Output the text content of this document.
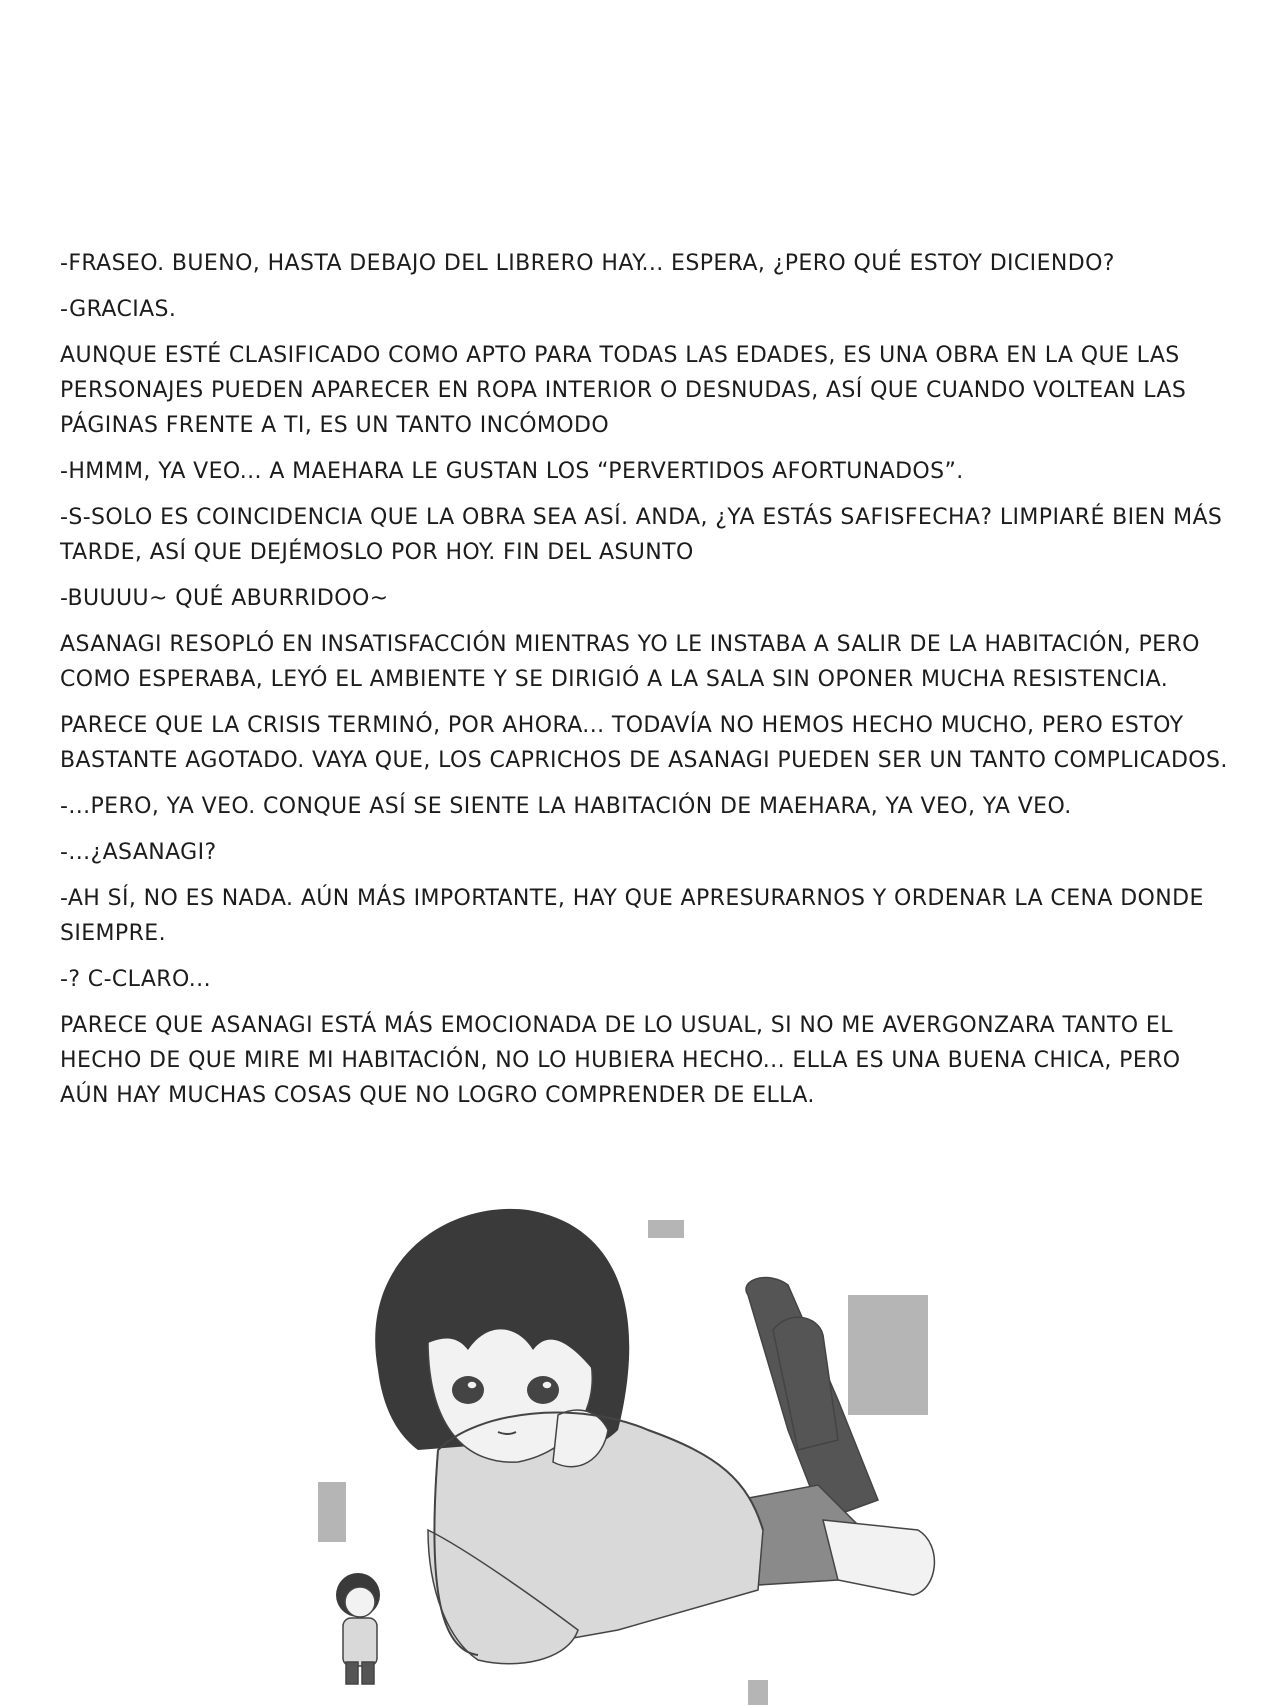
-FRASEO. BUENO, HASTA DEBAJO DEL LIBRERO HAY... ESPERA, ¿PERO QUÉ ESTOY DICIENDO?

-GRACIAS.

AUNQUE ESTÉ CLASIFICADO COMO APTO PARA TODAS LAS EDADES, ES UNA OBRA EN LA QUE LAS PERSONAJES PUEDEN APARECER EN ROPA INTERIOR O DESNUDAS, ASÍ QUE CUANDO VOLTEAN LAS PÁGINAS FRENTE A TI, ES UN TANTO INCÓMODO

-HMMM, YA VEO... A MAEHARA LE GUSTAN LOS “PERVERTIDOS AFORTUNADOS”.

-S-SOLO ES COINCIDENCIA QUE LA OBRA SEA ASÍ. ANDA, ¿YA ESTÁS SAFISFECHA? LIMPIARÉ BIEN MÁS TARDE, ASÍ QUE DEJÉMOSLO POR HOY. FIN DEL ASUNTO

-BUUUU~ QUÉ ABURRIDOO~

ASANAGI RESOPLÓ EN INSATISFACCIÓN MIENTRAS YO LE INSTABA A SALIR DE LA HABITACIÓN, PERO COMO ESPERABA, LEYÓ EL AMBIENTE Y SE DIRIGIÓ A LA SALA SIN OPONER MUCHA RESISTENCIA.

PARECE QUE LA CRISIS TERMINÓ, POR AHORA... TODAVÍA NO HEMOS HECHO MUCHO, PERO ESTOY BASTANTE AGOTADO. VAYA QUE, LOS CAPRICHOS DE ASANAGI PUEDEN SER UN TANTO COMPLICADOS.

-...PERO, YA VEO. CONQUE ASÍ SE SIENTE LA HABITACIÓN DE MAEHARA, YA VEO, YA VEO.

-...¿ASANAGI?

-AH SÍ, NO ES NADA. AÚN MÁS IMPORTANTE, HAY QUE APRESURARNOS Y ORDENAR LA CENA DONDE SIEMPRE.

-? C-CLARO...

PARECE QUE ASANAGI ESTÁ MÁS EMOCIONADA DE LO USUAL, SI NO ME AVERGONZARA TANTO EL HECHO DE QUE MIRE MI HABITACIÓN, NO LO HUBIERA HECHO... ELLA ES UNA BUENA CHICA, PERO AÚN HAY MUCHAS COSAS QUE NO LOGRO COMPRENDER DE ELLA.
